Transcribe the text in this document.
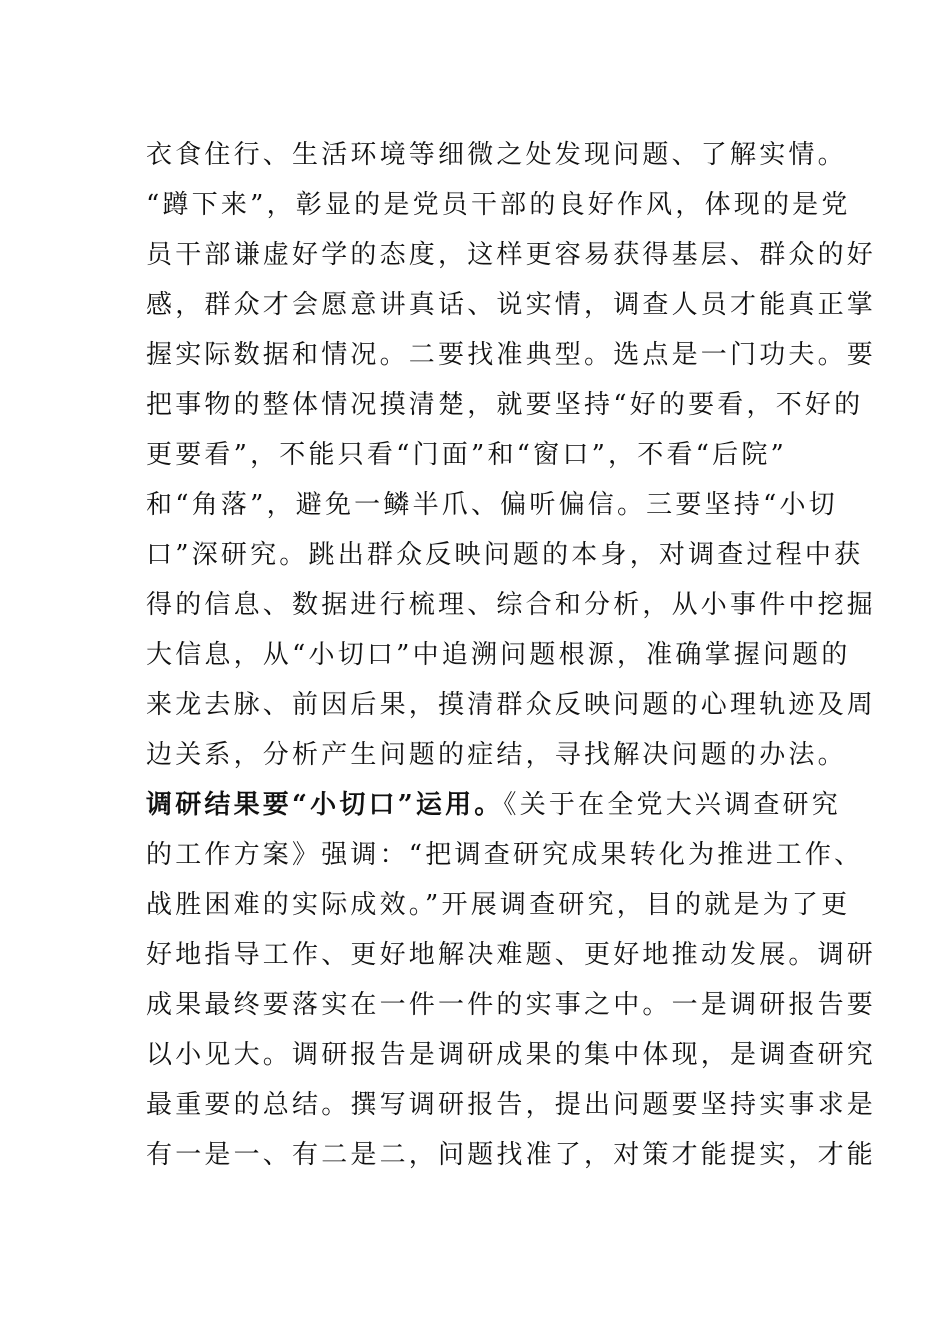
衣食住行、生活环境等细微之处发现问题、了解实情。
“蹲下来”，彰显的是党员干部的良好作风，体现的是党
员干部谦虚好学的态度，这样更容易获得基层、群众的好
感，群众才会愿意讲真话、说实情，调查人员才能真正掌
握实际数据和情况。二要找准典型。选点是一门功夫。要
把事物的整体情况摸清楚，就要坚持“好的要看，不好的
更要看”，不能只看“门面”和“窗口”，不看“后院”
和“角落”，避免一鳞半爪、偏听偏信。三要坚持“小切
口”深研究。跳出群众反映问题的本身，对调查过程中获
得的信息、数据进行梳理、综合和分析，从小事件中挖掘
大信息，从“小切口”中追溯问题根源，准确掌握问题的
来龙去脉、前因后果，摸清群众反映问题的心理轨迹及周
边关系，分析产生问题的症结，寻找解决问题的办法。
调研结果要“小切口”运用。《关于在全党大兴调查研究
的工作方案》强调：“把调查研究成果转化为推进工作、
战胜困难的实际成效。”开展调查研究，目的就是为了更
好地指导工作、更好地解决难题、更好地推动发展。调研
成果最终要落实在一件一件的实事之中。一是调研报告要
以小见大。调研报告是调研成果的集中体现，是调查研究
最重要的总结。撰写调研报告，提出问题要坚持实事求是
有一是一、有二是二，问题找准了，对策才能提实，才能
